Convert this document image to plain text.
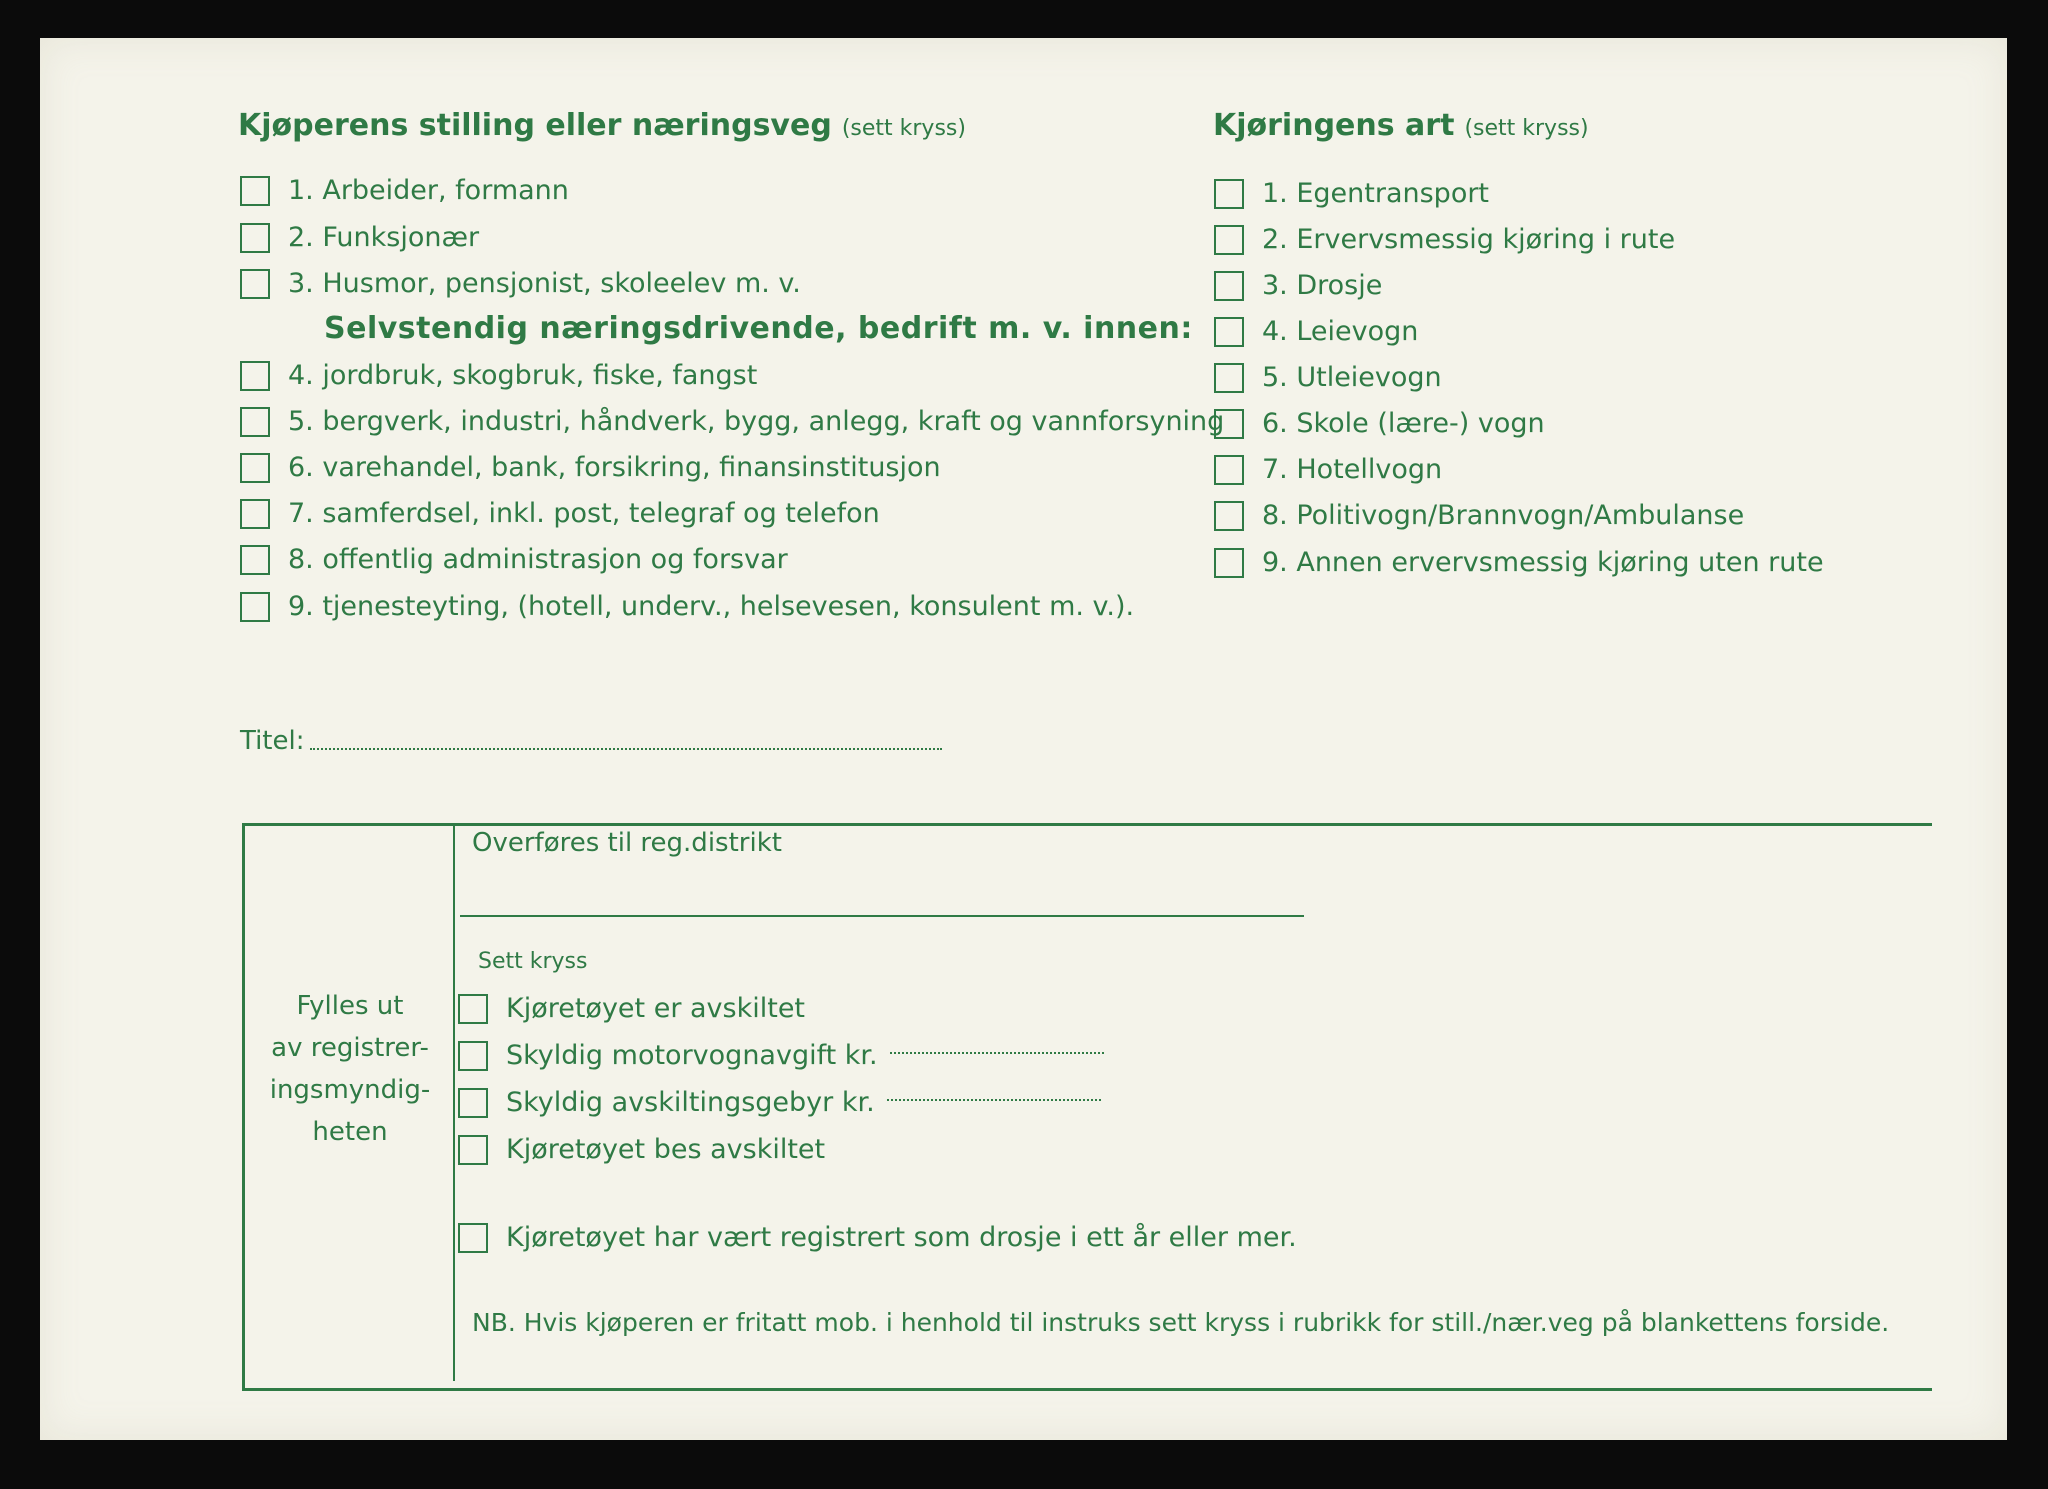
Kjøperens stilling eller næringsveg (sett kryss)	Kjøringens art (sett kryss)
1. Arbeider, formann
2. Funksjonær
3. Husmor, pensjonist, skoleelev m. v.
Selvstendig næringsdrivende, bedrift m. v. innen:
4. jordbruk, skogbruk, fiske, fangst
5. bergverk, industri, håndverk, bygg, anlegg, kraft og vannforsyning
6. varehandel, bank, forsikring, finansinstitusjon
7. samferdsel, inkl. post, telegraf og telefon
8. offentlig administrasjon og forsvar
9. tjenesteyting, (hotell, underv., helsevesen, konsulent m. v.).
1. Egentransport
2. Ervervsmessig kjøring i rute
3. Drosje
4. Leievogn
5. Utleievogn
6. Skole (lære-) vogn
7. Hotellvogn
8. Politivogn/Brannvogn/Ambulanse
9. Annen ervervsmessig kjøring uten rute
Titel:
Fylles ut
av registrer-
ingsmyndig-
heten
Overføres til reg.distrikt
Sett kryss
Kjøretøyet er avskiltet
Skyldig motorvognavgift kr.
Skyldig avskiltingsgebyr kr.
Kjøretøyet bes avskiltet
Kjøretøyet har vært registrert som drosje i ett år eller mer.
NB. Hvis kjøperen er fritatt mob. i henhold til instruks sett kryss i rubrikk for still./nær.veg på blankettens forside.
